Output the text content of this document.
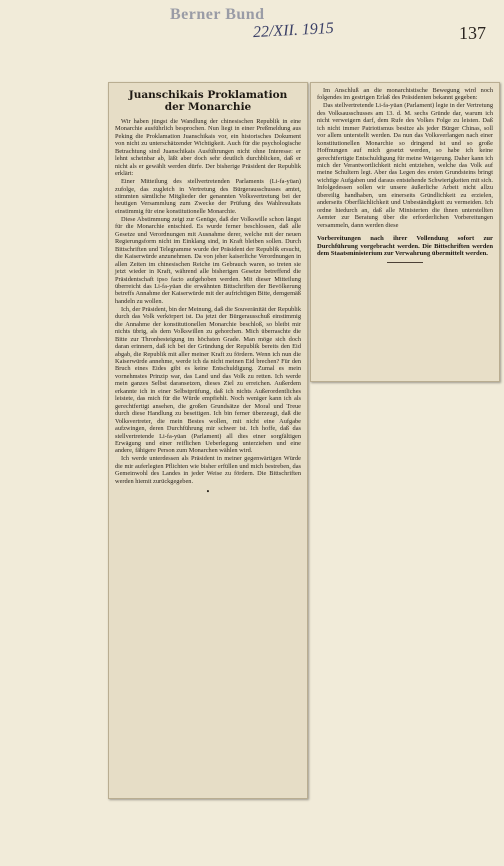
Berner Bund
22/XII. 1915	137
Juanschikais Proklamation
der Monarchie

Wir haben jüngst die Wandlung der chinesischen Republik in eine Monarchie ausführlich besprochen. Nun liegt in einer Preßmeldung aus Peking die Proklamation Juanschikais vor, ein historisches Dokument von nicht zu unterschätzender Wichtigkeit. Auch für die psychologische Betrachtung sind Juanschikais Ausführungen nicht ohne Interesse: er lehnt scheinbar ab, läßt aber doch sehr deutlich durchblicken, daß er nicht als er gewählt werden dürfe. Der bisherige Präsident der Republik erklärt:

Einer Mitteilung des stellvertretenden Parlaments (Li-fa-yüan) zufolge, das zugleich in Vertretung des Bürgerausschusses amtet, stimmten sämtliche Mitglieder der genannten Volksvertretung bei der heutigen Versammlung zum Zwecke der Prüfung des Wahlresultats einstimmig für eine konstitutionelle Monarchie.

Diese Abstimmung zeigt zur Genüge, daß der Volkswille schon längst für die Monarchie entschied. Es wurde ferner beschlossen, daß alle Gesetze und Verordnungen mit Ausnahme derer, welche mit der neuen Regierungsform nicht im Einklang sind, in Kraft bleiben sollen. Durch Bittschriften und Telegramme wurde der Präsident der Republik ersucht, die Kaiserwürde anzunehmen. Da von jeher kaiserliche Verordnungen in allen Zeiten im chinesischen Reiche im Gebrauch waren, so treten sie jetzt wieder in Kraft, während alle bisherigen Gesetze betreffend die Präsidentschaft ipso facto aufgehoben werden. Mit dieser Mitteilung überreicht das Li-fa-yüan die erwähnten Bittschriften der Bevölkerung betreffs Annahme der Kaiserwürde mit der aufrichtigen Bitte, demgemäß handeln zu wollen.

Ich, der Präsident, bin der Meinung, daß die Souveränität der Republik durch das Volk verkörpert ist. Da jetzt der Bürgerausschuß einstimmig die Annahme der konstitutionellen Monarchie beschloß, so bleibt mir nichts übrig, als dem Volkswillen zu gehorchen. Mich überraschte die Bitte zur Thronbesteigung im höchsten Grade. Man möge sich doch daran erinnern, daß ich bei der Gründung der Republik bereits den Eid abgab, die Republik mit aller meiner Kraft zu fördern. Wenn ich nun die Kaiserwürde annehme, werde ich da nicht meinen Eid brechen? Für den Bruch eines Eides gibt es keine Entschuldigung. Zumal es mein vornehmstes Prinzip war, das Land und das Volk zu retten. Ich werde mein ganzes Selbst daransetzen, dieses Ziel zu erreichen. Außerdem erkannte ich in einer Selbstprüfung, daß ich nichts Außerordentliches leistete, das mich für die Würde empfiehlt. Noch weniger kann ich als gerechtfertigt ansehen, die großen Grundsätze der Moral und Treue durch diese Handlung zu beseitigen. Ich bin ferner überzeugt, daß die Volksvertreter, die mein Bestes wollen, mit nicht eine Aufgabe aufzwingen, deren Durchführung mir schwer ist. Ich hoffe, daß das stellvertretende Li-fa-yüan (Parlament) all dies einer sorgfältigen Erwägung und einer reiflichen Ueberlegung unterziehen und eine andere, fähigere Person zum Monarchen wählen wird.

Ich werde unterdessen als Präsident in meiner gegenwärtigen Würde die mir auferlegten Pflichten wie bisher erfüllen und mich bestreben, das Gemeinwohl des Landes in jeder Weise zu fördern. Die Bittschriften werden hiemit zurückgegeben.

•

Im Anschluß an die monarchistische Bewegung wird noch folgendes im gestrigen Erlaß des Präsidenten bekannt gegeben:

Das stellvertretende Li-fa-yüan (Parlament) legte in der Vertretung des Volksausschusses am 13. d. M. sechs Gründe dar, warum ich nicht verweigern darf, dem Rufe des Volkes Folge zu leisten. Daß ich nicht immer Patriotismus besitze als jeder Bürger Chinas, soll vor allem unterstellt werden. Da nun das Volksverlangen nach einer konstitutionellen Monarchie so dringend ist und so große Hoffnungen auf mich gesetzt werden, so habe ich keine gerechtfertigte Entschuldigung für meine Weigerung. Daher kann ich mich der Verantwortlichkeit nicht entziehen, welche das Volk auf meine Schultern legt. Aber das Legen des ersten Grundsteins bringt wichtige Aufgaben und daraus entstehende Schwierigkeiten mit sich. Infolgedessen sollen wir unsere äußerliche Arbeit nicht allzu übereilig handhaben, um einerseits Gründlichkeit zu erzielen, anderseits Oberflächlichkeit und Unbeständigkeit zu vermeiden. Ich ordne hiedurch an, daß alle Ministerien die ihnen unterstellten Aemter zur Beratung über die erforderlichen Vorbereitungen versammeln, dann werden diese

Vorbereitungen nach ihrer Vollendung sofort zur Durchführung vorgebracht werden. Die Bittschriften werden dem Staatsministerium zur Verwahrung übermittelt werden.
